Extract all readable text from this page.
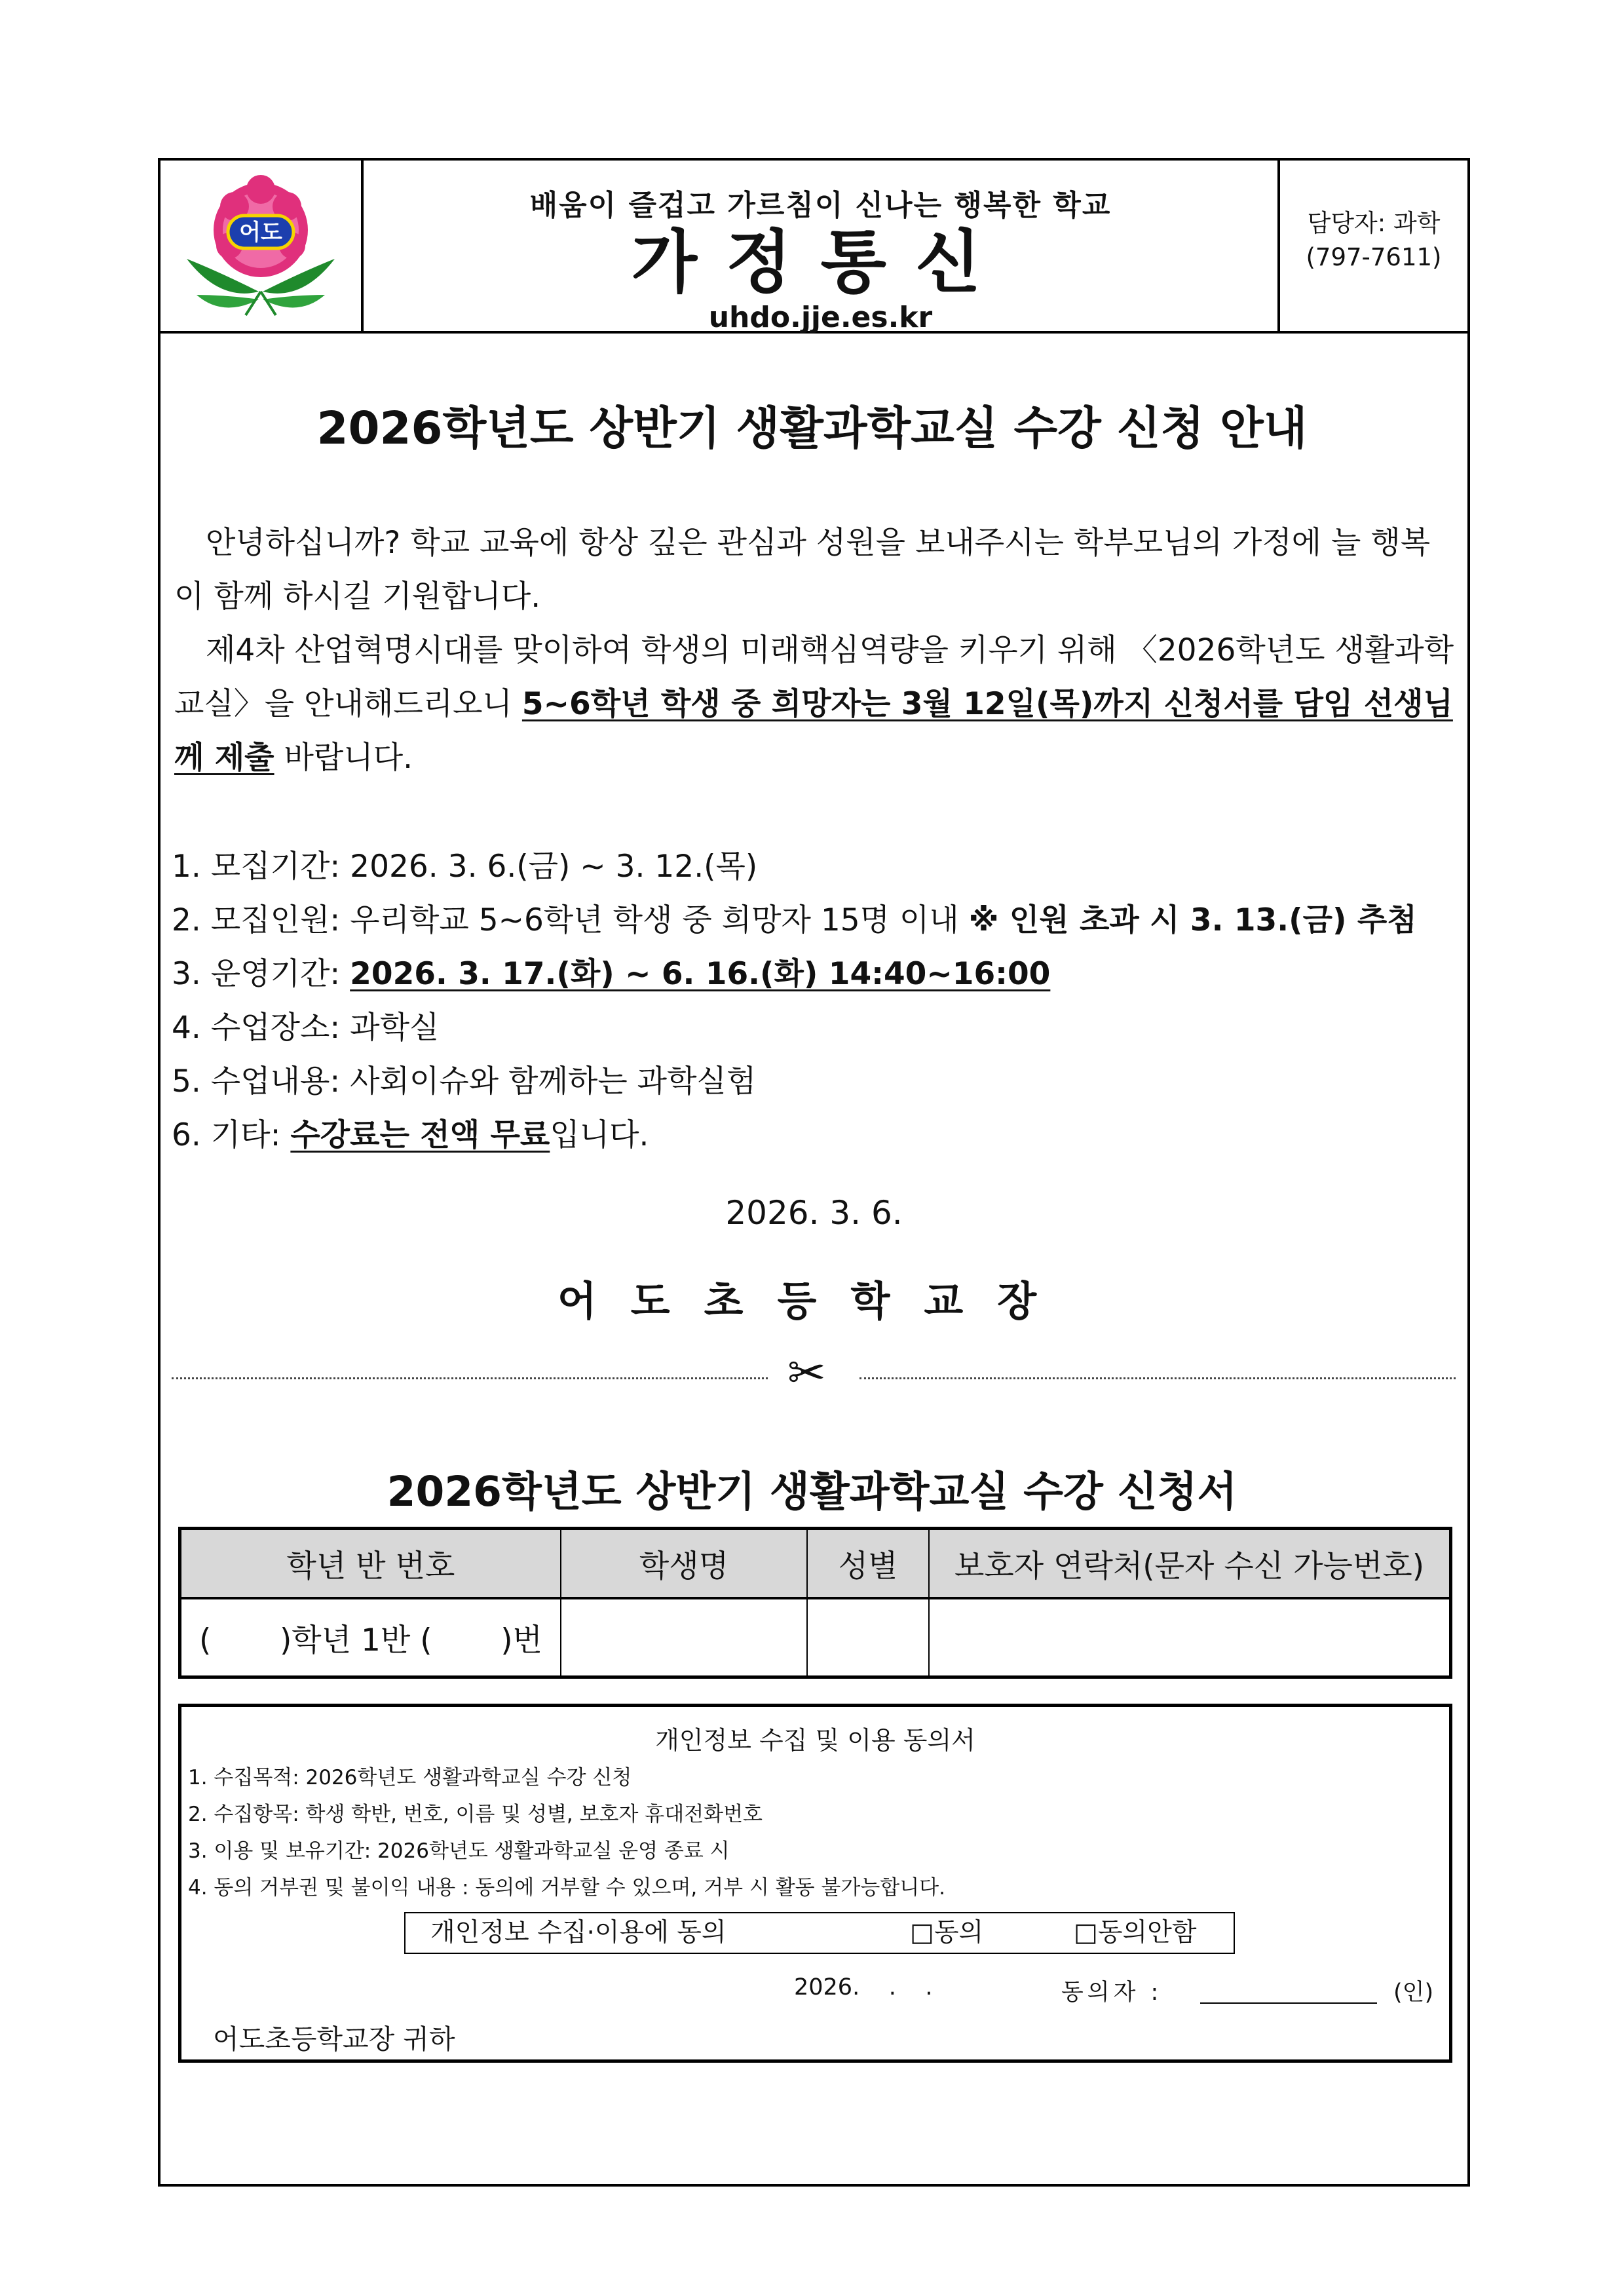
어도
배움이 즐겁고 가르침이 신나는 행복한 학교
가정통신
uhdo.jje.es.kr
담당자: 과학
(797-7611)
2026학년도 상반기 생활과학교실 수강 신청 안내
안녕하십니까? 학교 교육에 항상 깊은 관심과 성원을 보내주시는 학부모님의 가정에 늘 행복이 함께 하시길 기원합니다.
제4차 산업혁명시대를 맞이하여 학생의 미래핵심역량을 키우기 위해 〈2026학년도 생활과학교실〉을 안내해드리오니 5~6학년 학생 중 희망자는 3월 12일(목)까지 신청서를 담임 선생님께 제출 바랍니다.
1. 모집기간: 2026. 3. 6.(금) ~ 3. 12.(목)
2. 모집인원: 우리학교 5~6학년 학생 중 희망자 15명 이내 ※ 인원 초과 시 3. 13.(금) 추첨
3. 운영기간: 2026. 3. 17.(화) ~ 6. 16.(화) 14:40~16:00
4. 수업장소: 과학실
5. 수업내용: 사회이슈와 함께하는 과학실험
6. 기타: 수강료는 전액 무료입니다.
2026. 3. 6.
어도초등학교장
✂
2026학년도 상반기 생활과학교실 수강 신청서
학년 반 번호	학생명	성별	보호자 연락처(문자 수신 가능번호)
(       )학년 1반 (       )번			
개인정보 수집 및 이용 동의서
1. 수집목적: 2026학년도 생활과학교실 수강 신청
2. 수집항목: 학생 학반, 번호, 이름 및 성별, 보호자 휴대전화번호
3. 이용 및 보유기간: 2026학년도 생활과학교실 운영 종료 시
4. 동의 거부권 및 불이익 내용 : 동의에 거부할 수 있으며, 거부 시 활동 불가능합니다.
개인정보 수집·이용에 동의	□동의	□동의안함
2026.    .    .	동의자 :	(인)
어도초등학교장 귀하
